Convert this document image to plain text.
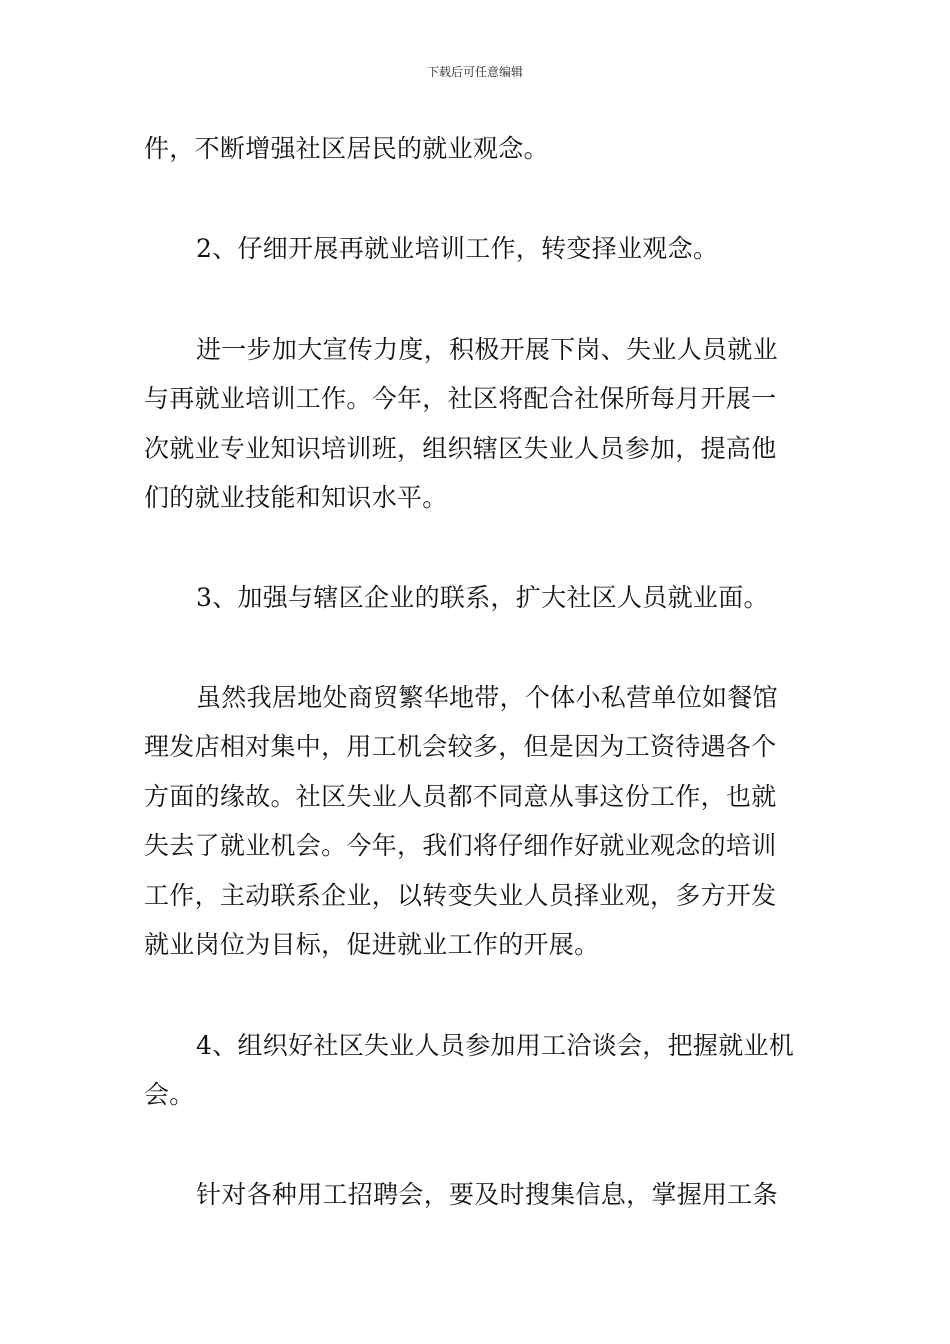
下载后可任意编辑
件，不断增强社区居民的就业观念。
2、仔细开展再就业培训工作，转变择业观念。
进一步加大宣传力度，积极开展下岗、失业人员就业
与再就业培训工作。今年，社区将配合社保所每月开展一
次就业专业知识培训班，组织辖区失业人员参加，提高他
们的就业技能和知识水平。
3、加强与辖区企业的联系，扩大社区人员就业面。
虽然我居地处商贸繁华地带，个体小私营单位如餐馆
理发店相对集中，用工机会较多，但是因为工资待遇各个
方面的缘故。社区失业人员都不同意从事这份工作，也就
失去了就业机会。今年，我们将仔细作好就业观念的培训
工作，主动联系企业，以转变失业人员择业观，多方开发
就业岗位为目标，促进就业工作的开展。
4、组织好社区失业人员参加用工洽谈会，把握就业机
会。
针对各种用工招聘会，要及时搜集信息，掌握用工条
